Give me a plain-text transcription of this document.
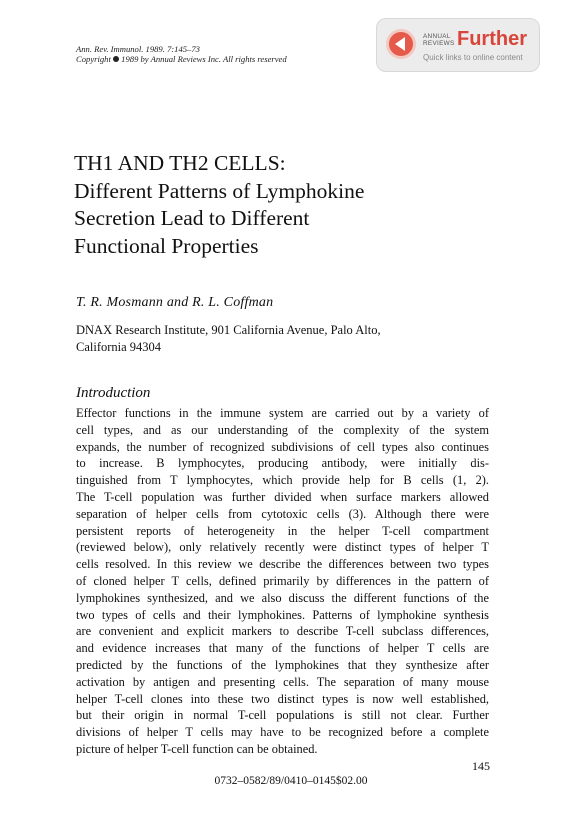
Ann. Rev. Immunol. 1989. 7:145–73
Copyright 1989 by Annual Reviews Inc. All rights reserved
ANNUAL
REVIEWS Further
Quick links to online content
TH1 AND TH2 CELLS:
Different Patterns of Lymphokine
Secretion Lead to Different
Functional Properties
T. R. Mosmann and R. L. Coffman
DNAX Research Institute, 901 California Avenue, Palo Alto,
California 94304
Introduction
Effector functions in the immune system are carried out by a variety of
cell types, and as our understanding of the complexity of the system
expands, the number of recognized subdivisions of cell types also continues
to increase. B lymphocytes, producing antibody, were initially dis-
tinguished from T lymphocytes, which provide help for B cells (1, 2).
The T-cell population was further divided when surface markers allowed
separation of helper cells from cytotoxic cells (3). Although there were
persistent reports of heterogeneity in the helper T-cell compartment
(reviewed below), only relatively recently were distinct types of helper T
cells resolved. In this review we describe the differences between two types
of cloned helper T cells, defined primarily by differences in the pattern of
lymphokines synthesized, and we also discuss the different functions of the
two types of cells and their lymphokines. Patterns of lymphokine synthesis
are convenient and explicit markers to describe T-cell subclass differences,
and evidence increases that many of the functions of helper T cells are
predicted by the functions of the lymphokines that they synthesize after
activation by antigen and presenting cells. The separation of many mouse
helper T-cell clones into these two distinct types is now well established,
but their origin in normal T-cell populations is still not clear. Further
divisions of helper T cells may have to be recognized before a complete
picture of helper T-cell function can be obtained.
145
0732–0582/89/0410–0145$02.00
